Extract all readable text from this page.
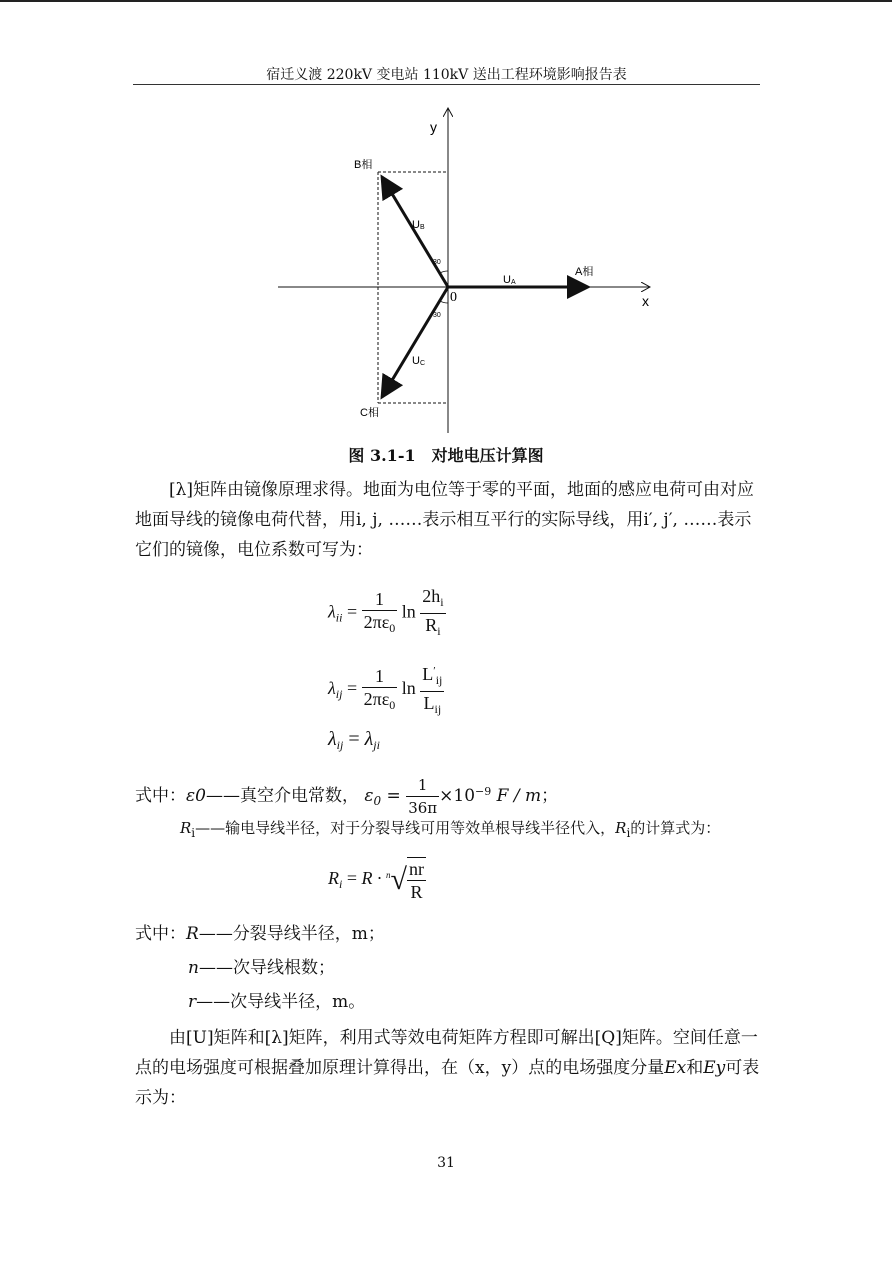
宿迁义渡 220kV 变电站 110kV 送出工程环境影响报告表
y
x
0
B相
A相
C相
UA
UB
UC
30
30
图 3.1-1　对地电压计算图
[λ]矩阵由镜像原理求得。地面为电位等于零的平面，地面的感应电荷可由对应地面导线的镜像电荷代替，用i, j, ……表示相互平行的实际导线，用i′, j′, ……表示它们的镜像，电位系数可写为：
$\lambda_{ii} = \frac{1}{2\pi\varepsilon_0}$ $\ln \frac{2h_i}{R_i}$
$\lambda_{ij} = \frac{1}{2\pi\varepsilon_0}$ $\ln \frac{L'_{ij}}{L_{ij}}$
$\lambda_{ij} = \lambda_{ji}$
式中：ε0——真空介电常数， $\varepsilon_0 = \frac{1}{36\pi} \times 10^{-9}$ F / m；
$R_i——$输电导线半径，对于分裂导线可用等效单根导线半径代入，$R_i$的计算式为：
$R_i = R \cdot ^n√ \frac{nr}{R}$
式中：R——分裂导线半径，m；
n——次导线根数；
r——次导线半径，m。
由[U]矩阵和[λ]矩阵，利用式等效电荷矩阵方程即可解出[Q]矩阵。空间任意一点的电场强度可根据叠加原理计算得出，在（x，y）点的电场强度分量Ex和Ey可表示为：
31
